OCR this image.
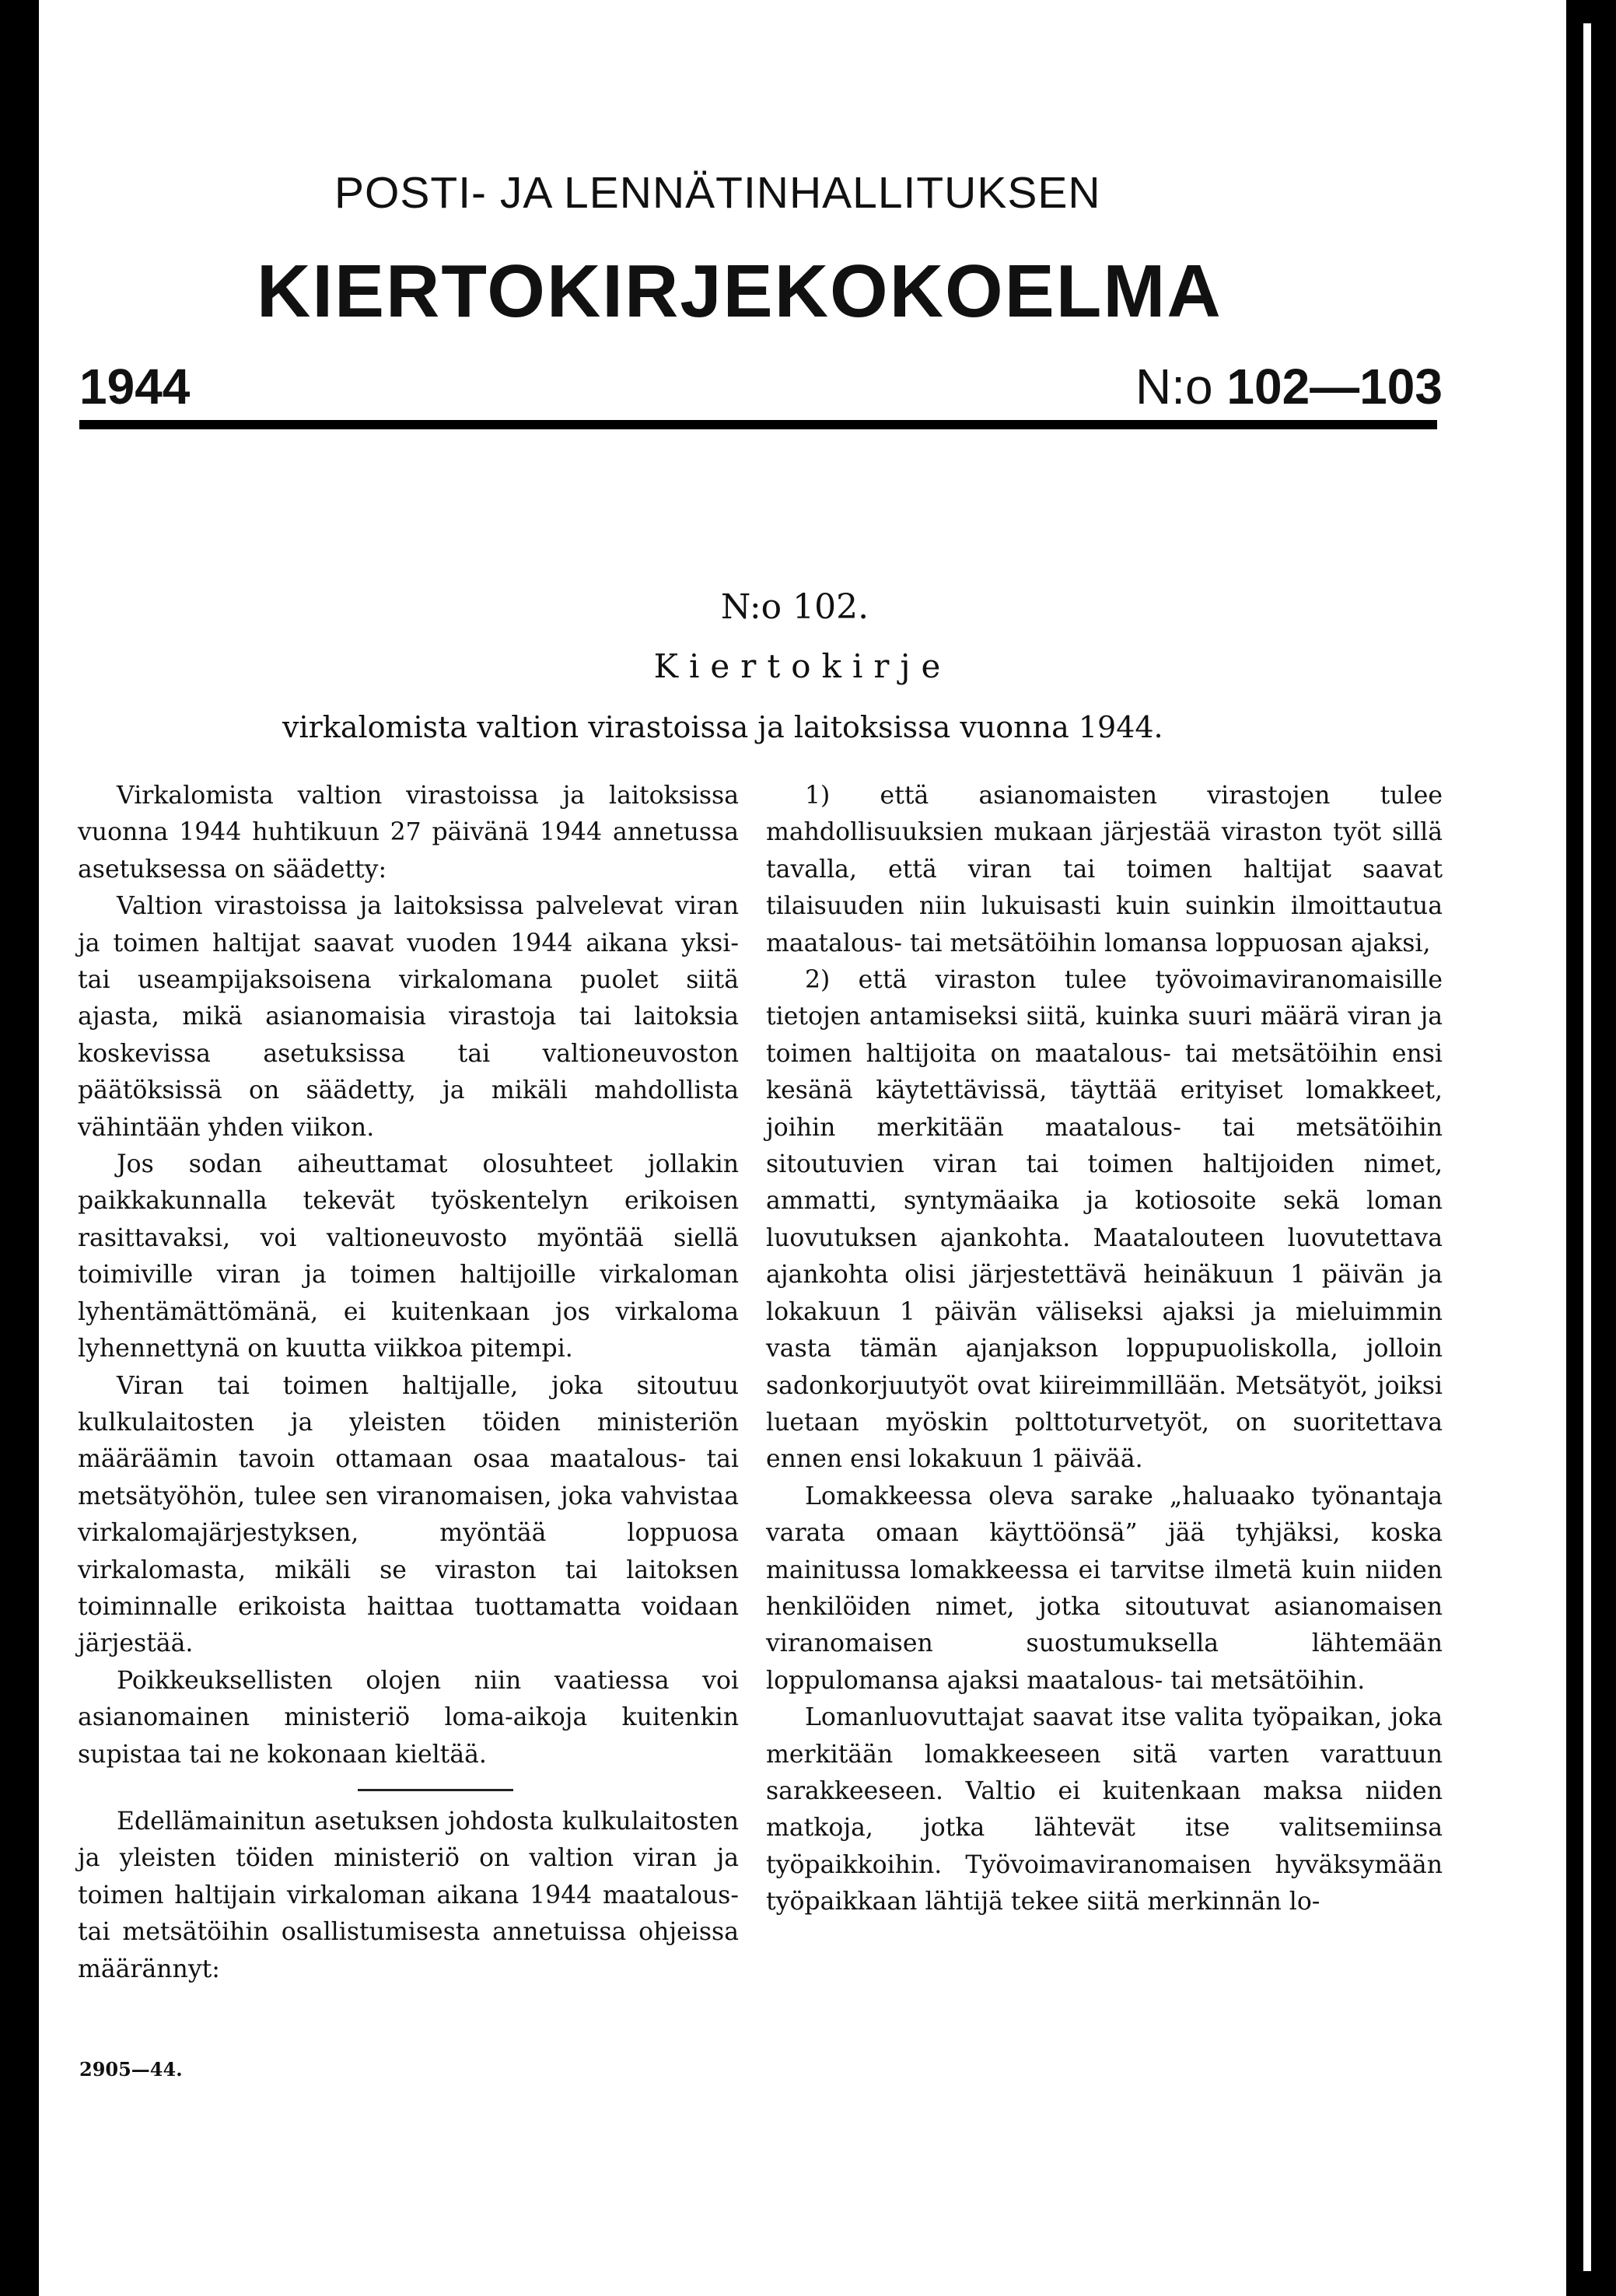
POSTI- JA LENNÄTINHALLITUKSEN
KIERTOKIRJEKOKOELMA
1944	N:o 102—103
N:o 102.
Kiertokirje
virkalomista valtion virastoissa ja laitoksissa vuonna 1944.

Virkalomista valtion virastoissa ja laitoksissa vuonna 1944 huhtikuun 27 päivänä 1944 annetussa asetuksessa on säädetty:

Valtion virastoissa ja laitoksissa palvelevat viran ja toimen haltijat saavat vuoden 1944 aikana yksi- tai useampijaksoisena virkalomana puolet siitä ajasta, mikä asianomaisia virastoja tai laitoksia koskevissa asetuksissa tai valtioneuvoston päätöksissä on säädetty, ja mikäli mahdollista vähintään yhden viikon.

Jos sodan aiheuttamat olosuhteet jollakin paikkakunnalla tekevät työskentelyn erikoisen rasittavaksi, voi valtioneuvosto myöntää siellä toimiville viran ja toimen haltijoille virkaloman lyhentämättömänä, ei kuitenkaan jos virkaloma lyhennettynä on kuutta viikkoa pitempi.

Viran tai toimen haltijalle, joka sitoutuu kulkulaitosten ja yleisten töiden ministeriön määräämin tavoin ottamaan osaa maatalous- tai metsätyöhön, tulee sen viranomaisen, joka vahvistaa virkalomajärjestyksen, myöntää loppuosa virkalomasta, mikäli se viraston tai laitoksen toiminnalle erikoista haittaa tuottamatta voidaan järjestää.

Poikkeuksellisten olojen niin vaatiessa voi asianomainen ministeriö loma-aikoja kuitenkin supistaa tai ne kokonaan kieltää.

Edellämainitun asetuksen johdosta kulkulaitosten ja yleisten töiden ministeriö on valtion viran ja toimen haltijain virkaloman aikana 1944 maatalous- tai metsätöihin osallistumisesta annetuissa ohjeissa määrännyt:

1) että asianomaisten virastojen tulee mahdollisuuksien mukaan järjestää viraston työt sillä tavalla, että viran tai toimen haltijat saavat tilaisuuden niin lukuisasti kuin suinkin ilmoittautua maatalous- tai metsätöihin lomansa loppuosan ajaksi,

2) että viraston tulee työvoimaviranomaisille tietojen antamiseksi siitä, kuinka suuri määrä viran ja toimen haltijoita on maatalous- tai metsätöihin ensi kesänä käytettävissä, täyttää erityiset lomakkeet, joihin merkitään maatalous- tai metsätöihin sitoutuvien viran tai toimen haltijoiden nimet, ammatti, syntymäaika ja kotiosoite sekä loman luovutuksen ajankohta. Maatalouteen luovutettava ajankohta olisi järjestettävä heinäkuun 1 päivän ja lokakuun 1 päivän väliseksi ajaksi ja mieluimmin vasta tämän ajanjakson loppupuoliskolla, jolloin sadonkorjuutyöt ovat kiireimmillään. Metsätyöt, joiksi luetaan myöskin polttoturvetyöt, on suoritettava ennen ensi lokakuun 1 päivää.

Lomakkeessa oleva sarake „haluaako työnantaja varata omaan käyttöönsä” jää tyhjäksi, koska mainitussa lomakkeessa ei tarvitse ilmetä kuin niiden henkilöiden nimet, jotka sitoutuvat asianomaisen viranomaisen suostumuksella lähtemään loppulomansa ajaksi maatalous- tai metsätöihin.

Lomanluovuttajat saavat itse valita työpaikan, joka merkitään lomakkeeseen sitä varten varattuun sarakkeeseen. Valtio ei kuitenkaan maksa niiden matkoja, jotka lähtevät itse valitsemiinsa työpaikkoihin. Työvoimaviranomaisen hyväksymään työpaikkaan lähtijä tekee siitä merkinnän lo-

2905—44.
